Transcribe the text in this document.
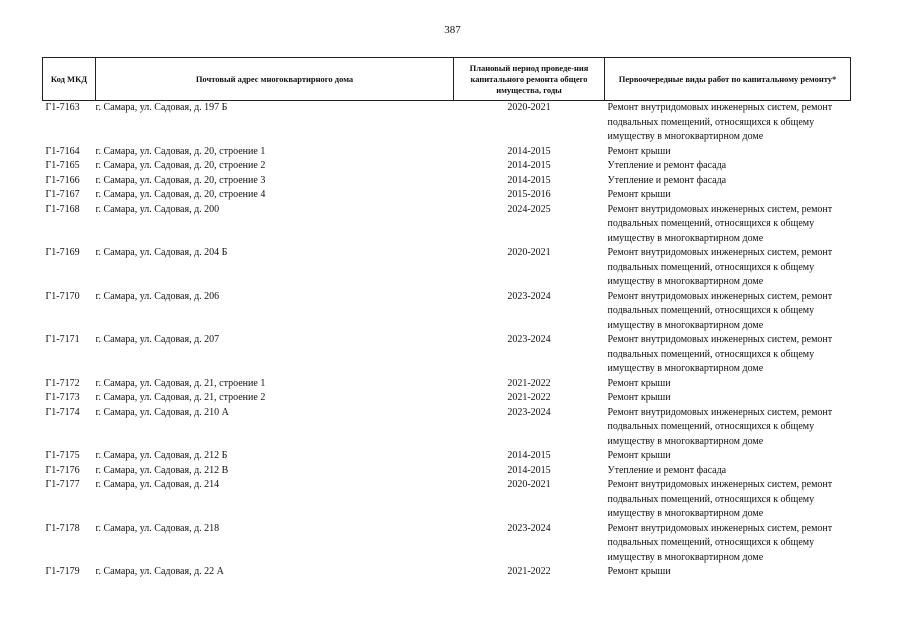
387
Код МКД	Почтовый адрес многоквартирного дома	Плановый период проведе-ния капитального ремонта общего имущества, годы	Первоочередные виды работ по капитальному ремонту*
Г1-7163	г. Самара, ул. Садовая, д. 197 Б	2020-2021	Ремонт внутридомовых инженерных систем, ремонт подвальных помещений, относящихся к общему имуществу в многоквартирном доме
Г1-7164	г. Самара, ул. Садовая, д. 20, строение 1	2014-2015	Ремонт крыши
Г1-7165	г. Самара, ул. Садовая, д. 20, строение 2	2014-2015	Утепление и ремонт фасада
Г1-7166	г. Самара, ул. Садовая, д. 20, строение 3	2014-2015	Утепление и ремонт фасада
Г1-7167	г. Самара, ул. Садовая, д. 20, строение 4	2015-2016	Ремонт крыши
Г1-7168	г. Самара, ул. Садовая, д. 200	2024-2025	Ремонт внутридомовых инженерных систем, ремонт подвальных помещений, относящихся к общему имуществу в многоквартирном доме
Г1-7169	г. Самара, ул. Садовая, д. 204 Б	2020-2021	Ремонт внутридомовых инженерных систем, ремонт подвальных помещений, относящихся к общему имуществу в многоквартирном доме
Г1-7170	г. Самара, ул. Садовая, д. 206	2023-2024	Ремонт внутридомовых инженерных систем, ремонт подвальных помещений, относящихся к общему имуществу в многоквартирном доме
Г1-7171	г. Самара, ул. Садовая, д. 207	2023-2024	Ремонт внутридомовых инженерных систем, ремонт подвальных помещений, относящихся к общему имуществу в многоквартирном доме
Г1-7172	г. Самара, ул. Садовая, д. 21, строение 1	2021-2022	Ремонт крыши
Г1-7173	г. Самара, ул. Садовая, д. 21, строение 2	2021-2022	Ремонт крыши
Г1-7174	г. Самара, ул. Садовая, д. 210 А	2023-2024	Ремонт внутридомовых инженерных систем, ремонт подвальных помещений, относящихся к общему имуществу в многоквартирном доме
Г1-7175	г. Самара, ул. Садовая, д. 212 Б	2014-2015	Ремонт крыши
Г1-7176	г. Самара, ул. Садовая, д. 212 В	2014-2015	Утепление и ремонт фасада
Г1-7177	г. Самара, ул. Садовая, д. 214	2020-2021	Ремонт внутридомовых инженерных систем, ремонт подвальных помещений, относящихся к общему имуществу в многоквартирном доме
Г1-7178	г. Самара, ул. Садовая, д. 218	2023-2024	Ремонт внутридомовых инженерных систем, ремонт подвальных помещений, относящихся к общему имуществу в многоквартирном доме
Г1-7179	г. Самара, ул. Садовая, д. 22 А	2021-2022	Ремонт крыши
